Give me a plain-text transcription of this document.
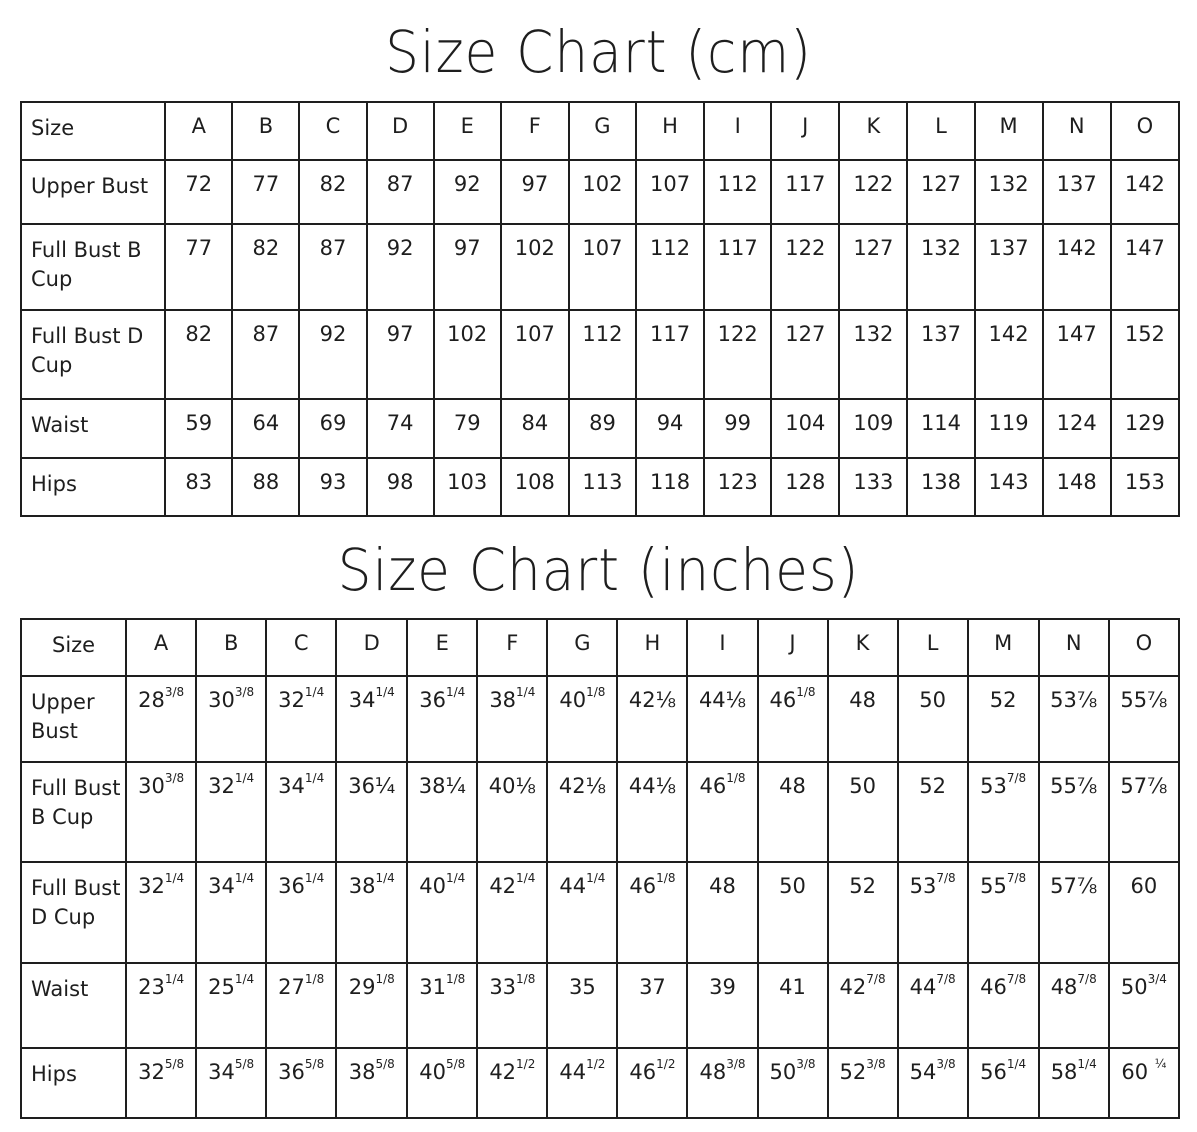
Size Chart (cm)
Size	A	B	C	D	E	F	G	H	I	J	K	L	M	N	O
Upper Bust	72	77	82	87	92	97	102	107	112	117	122	127	132	137	142
Full Bust B Cup	77	82	87	92	97	102	107	112	117	122	127	132	137	142	147
Full Bust D Cup	82	87	92	97	102	107	112	117	122	127	132	137	142	147	152
Waist	59	64	69	74	79	84	89	94	99	104	109	114	119	124	129
Hips	83	88	93	98	103	108	113	118	123	128	133	138	143	148	153
Size Chart (inches)
Size	A	B	C	D	E	F	G	H	I	J	K	L	M	N	O
Upper Bust	$28^{3/8}$	$30^{3/8}$	$32^{1/4}$	$34^{1/4}$	$36^{1/4}$	$38^{1/4}$	$40^{1/8}$	42⅛	44⅛	$46^{1/8}$	48	50	52	53⅞	55⅞
Full Bust B Cup	$30^{3/8}$	$32^{1/4}$	$34^{1/4}$	36¼	38¼	40⅛	42⅛	44⅛	$46^{1/8}$	48	50	52	$53^{7/8}$	55⅞	57⅞
Full Bust D Cup	$32^{1/4}$	$34^{1/4}$	$36^{1/4}$	$38^{1/4}$	$40^{1/4}$	$42^{1/4}$	$44^{1/4}$	$46^{1/8}$	48	50	52	$53^{7/8}$	$55^{7/8}$	57⅞	60
Waist	$23^{1/4}$	$25^{1/4}$	$27^{1/8}$	$29^{1/8}$	$31^{1/8}$	$33^{1/8}$	35	37	39	41	$42^{7/8}$	$44^{7/8}$	$46^{7/8}$	$48^{7/8}$	$50^{3/4}$
Hips	$32^{5/8}$	$34^{5/8}$	$36^{5/8}$	$38^{5/8}$	$40^{5/8}$	$42^{1/2}$	$44^{1/2}$	$46^{1/2}$	$48^{3/8}$	$50^{3/8}$	$52^{3/8}$	$54^{3/8}$	$56^{1/4}$	$58^{1/4}$	60 $^{\frac{1}{4}}$
